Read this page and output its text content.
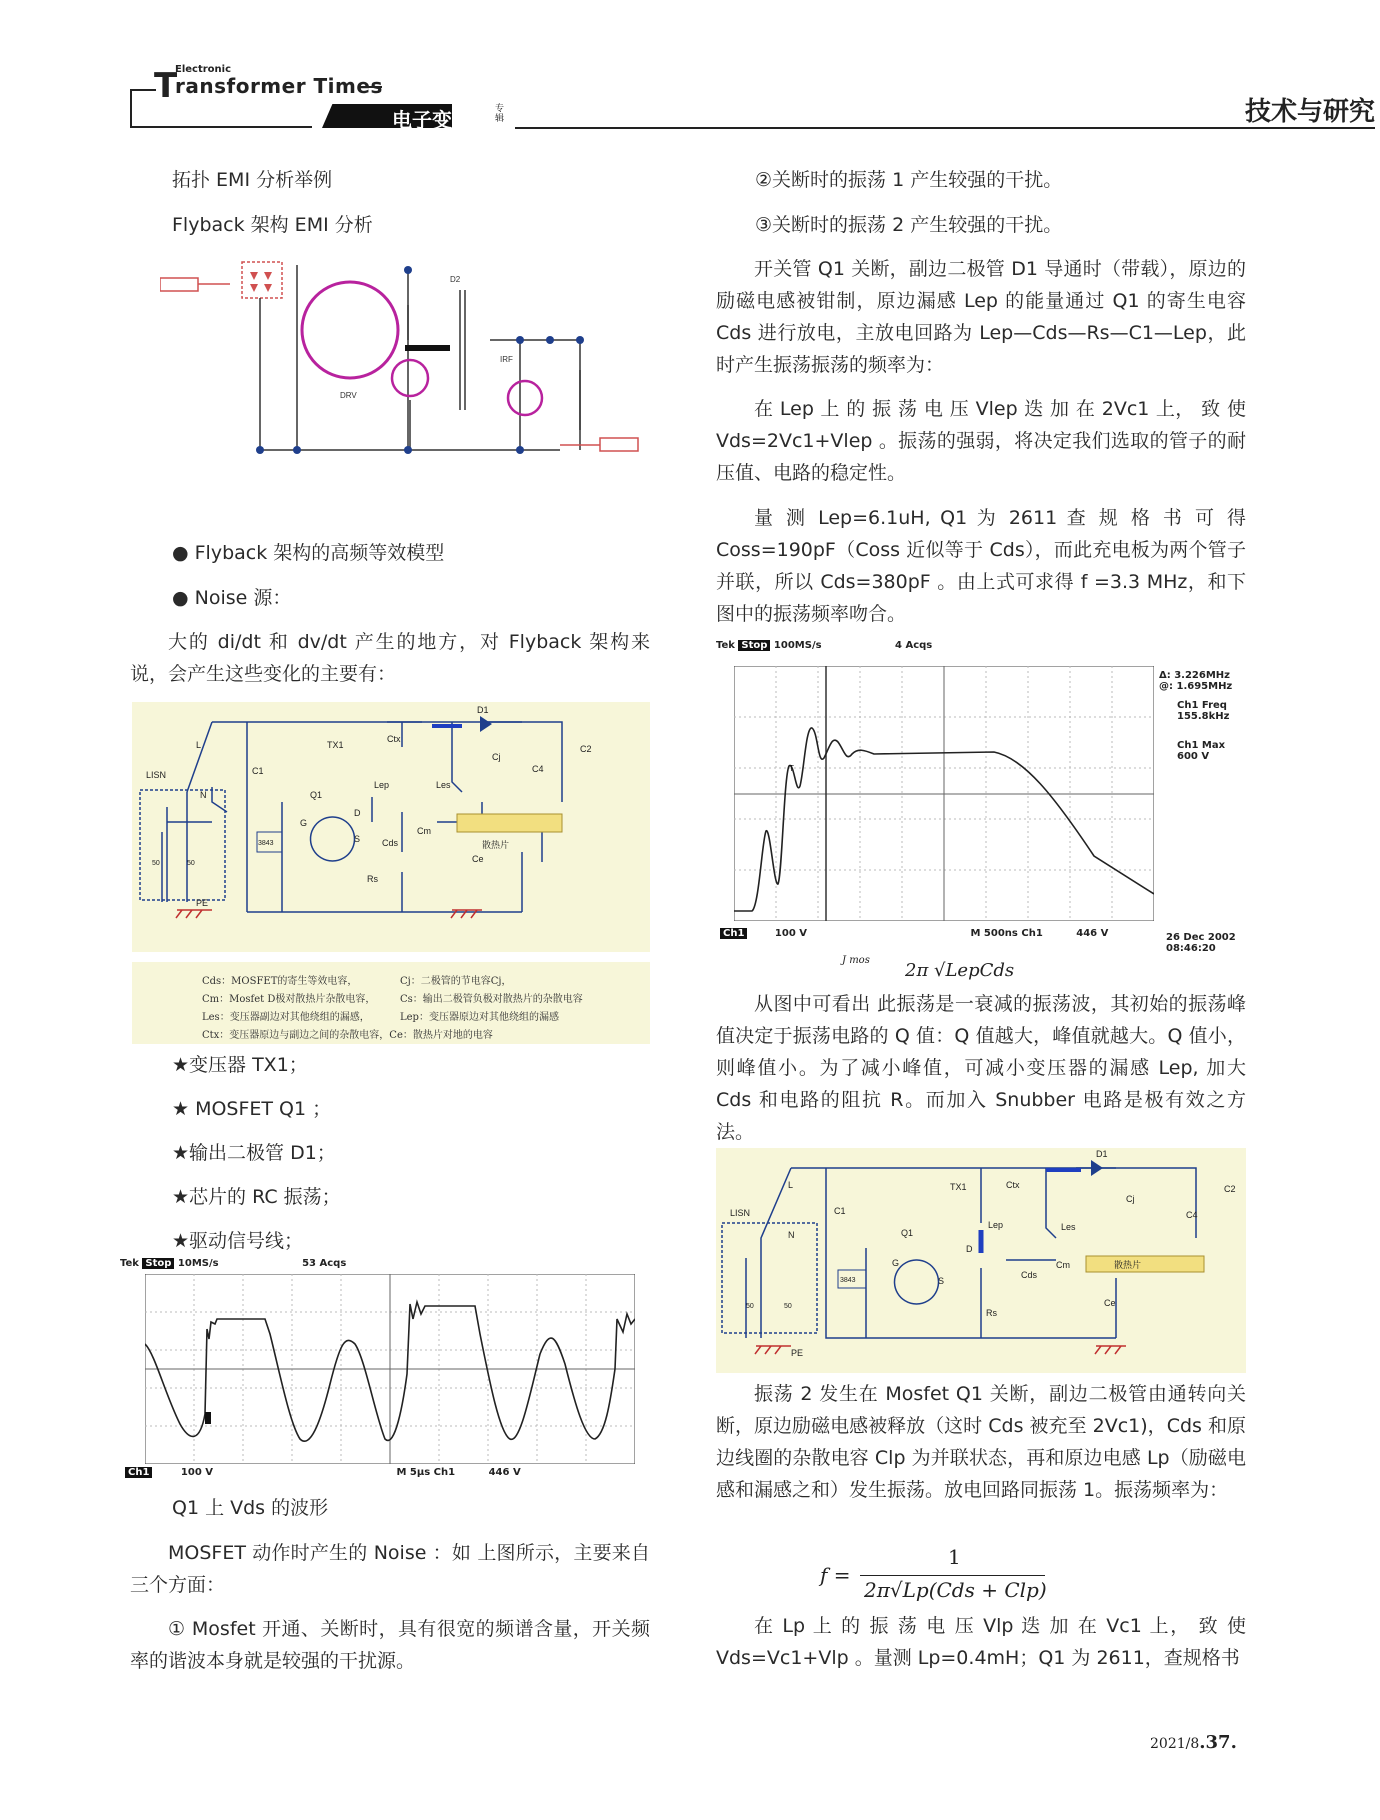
Electronic
T
ransformer Times
电子变压器 专辑	技术与研究
拓扑 EMI 分析举例
Flyback 架构 EMI 分析
DRV
D2
IRF
● Flyback 架构的高频等效模型
● Noise 源：

大的 di/dt 和 dv/dt 产生的地方，对 Flyback 架构来说，会产生这些变化的主要有：

LISN
L
N
PE
C1
TX1
Lep
Ctx
Les
D1
Cj
C4
C2
Q1
G
D
S Cds
Cm
Ce
Rs
散热片
3843
50	50
Cds：MOSFET的寄生等效电容，	Cj：二极管的节电容Cj，
Cm：Mosfet D极对散热片杂散电容， Cs：输出二极管负极对散热片的杂散电容
Les：变压器副边对其他绕组的漏感，	Lep：变压器原边对其他绕组的漏感
Ctx：变压器原边与副边之间的杂散电容，Ce：散热片对地的电容
★变压器 TX1；
★ MOSFET Q1 ；
★输出二极管 D1；
★芯片的 RC 振荡；
★驱动信号线；
Tek Stop 10MS/s	53 Acqs
Ch1	100 V	M 5μs Ch1	446 V
Q1 上 Vds 的波形

MOSFET 动作时产生的 Noise ：如 上图所示，主要来自三个方面：

① Mosfet 开通、关断时，具有很宽的频谱含量，开关频率的谐波本身就是较强的干扰源。

②关断时的振荡 1 产生较强的干扰。
③关断时的振荡 2 产生较强的干扰。

开关管 Q1 关断，副边二极管 D1 导通时（带载），原边的励磁电感被钳制，原边漏感 Lep 的能量通过 Q1 的寄生电容 Cds 进行放电，主放电回路为 Lep—Cds—Rs—C1—Lep，此时产生振荡振荡的频率为：

在 Lep 上 的 振 荡 电 压 Vlep 迭 加 在 2Vc1 上， 致 使 Vds=2Vc1+Vlep 。振荡的强弱，将决定我们选取的管子的耐压值、电路的稳定性。

量 测 Lep=6.1uH, Q1 为 2611 查 规 格 书 可 得 Coss=190pF（Coss 近似等于 Cds），而此充电板为两个管子并联，所以 Cds=380pF 。由上式可求得 f =3.3 MHz，和下图中的振荡频率吻合。

Tek Stop 100MS/s	4 Acqs
T
Δ: 3.226MHz
@: 1.695MHz
Ch1 Freq
155.8kHz
Ch1 Max
600 V
Ch1	100 V	M 500ns Ch1	446 V	26 Dec 2002
08:46:20
J mos 2π √LepCds

从图中可看出 此振荡是一衰减的振荡波，其初始的振荡峰值决定于振荡电路的 Q 值：Q 值越大，峰值就越大。Q 值小，则峰值小。为了减小峰值，可减小变压器的漏感 Lep, 加大 Cds 和电路的阻抗 R。而加入 Snubber 电路是极有效之方法。

LISN
L
N
PE
C1
TX1
Lep
Ctx
Les
D1
Cj
C4
C2
Q1
G
D
S
Cds
Cm
Ce
Rs
散热片
3843
50	50

振荡 2 发生在 Mosfet Q1 关断，副边二极管由通转向关断，原边励磁电感被释放（这时 Cds 被充至 2Vc1)，Cds 和原边线圈的杂散电容 Clp 为并联状态，再和原边电感 Lp（励磁电感和漏感之和）发生振荡。放电回路同振荡 1。振荡频率为：

f =
1
2π√Lp(Cds + Clp)

在 Lp 上 的 振 荡 电 压 Vlp 迭 加 在 Vc1 上， 致 使 Vds=Vc1+Vlp 。量测 Lp=0.4mH；Q1 为 2611，查规格书

2021/8.37.
